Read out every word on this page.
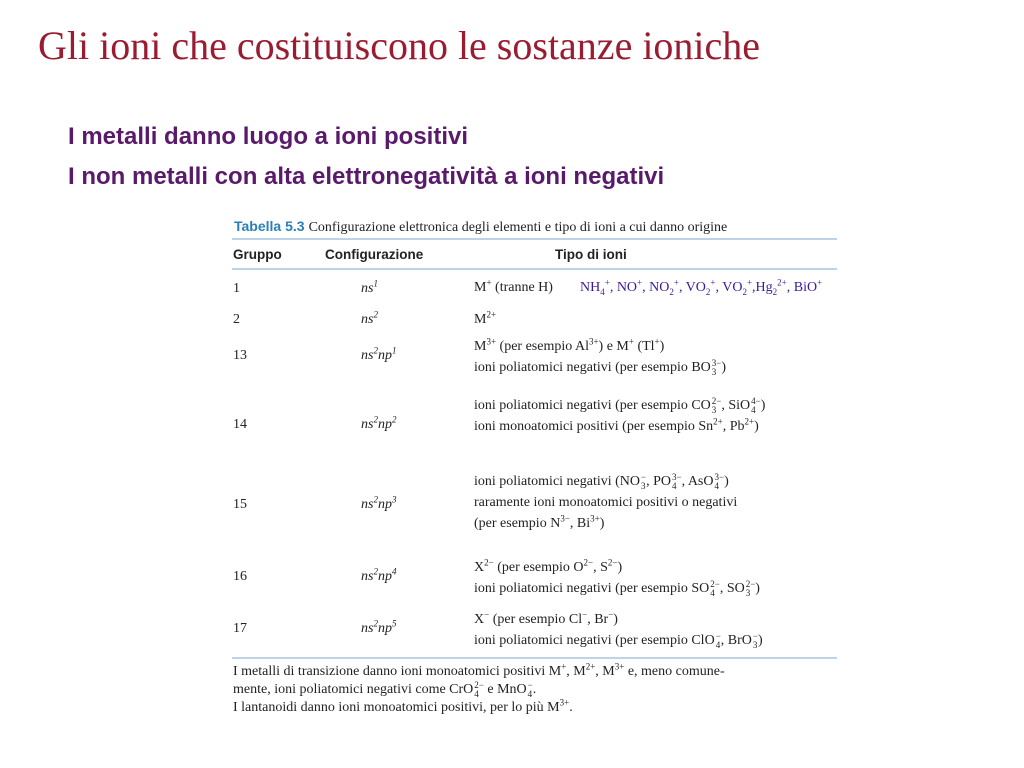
Gli ioni che costituiscono le sostanze ioniche
I metalli danno luogo a ioni positivi
I non metalli con alta elettronegatività a ioni negativi
Tabella 5.3 Configurazione elettronica degli elementi e tipo di ioni a cui danno origine
Gruppo	Configurazione	Tipo di ioni
1
2
13
14
15
16
17
$ns^1$
$ns^2$
$ns^2np^1$
$ns^2np^2$
$ns^2np^3$
$ns^2np^4$
$ns^2np^5$
M+ (tranne H)
$M^{2+}$
$M^{3+}$ (per esempio $Al^{3+}$) e M+ (Tl+)
ioni poliatomici negativi (per esempio BO 3−
3 )
ioni poliatomici negativi (per esempio CO 2−
3 , SiO 4−
4 )
ioni monoatomici positivi (per esempio $Sn^{2+}$, $Pb^{2+}$)
ioni poliatomici negativi (NO −
3 , PO 3−
4 , AsO 3−
4 )
raramente ioni monoatomici positivi o negativi
(per esempio $N^{3-}$, $Bi^{3+}$)
$X^{2-}$ (per esempio $O^{2-}$, $S^{2-}$)
ioni poliatomici negativi (per esempio SO 2−
4 , SO 2−
3 )
X− (per esempio Cl−, Br−)
ioni poliatomici negativi (per esempio ClO −
4 , BrO −
3 )
I metalli di transizione danno ioni monoatomici positivi M+, $M^{2+}$, $M^{3+}$ e, meno comune-
mente, ioni poliatomici negativi come CrO 2−
4 e MnO −
4 .
I lantanoidi danno ioni monoatomici positivi, per lo più $M^{3+}$.
$NH_4^+$, NO+, $NO_2^+$, $VO_2^+$, $VO_2^+,Hg_2^{2+}$, BiO+
